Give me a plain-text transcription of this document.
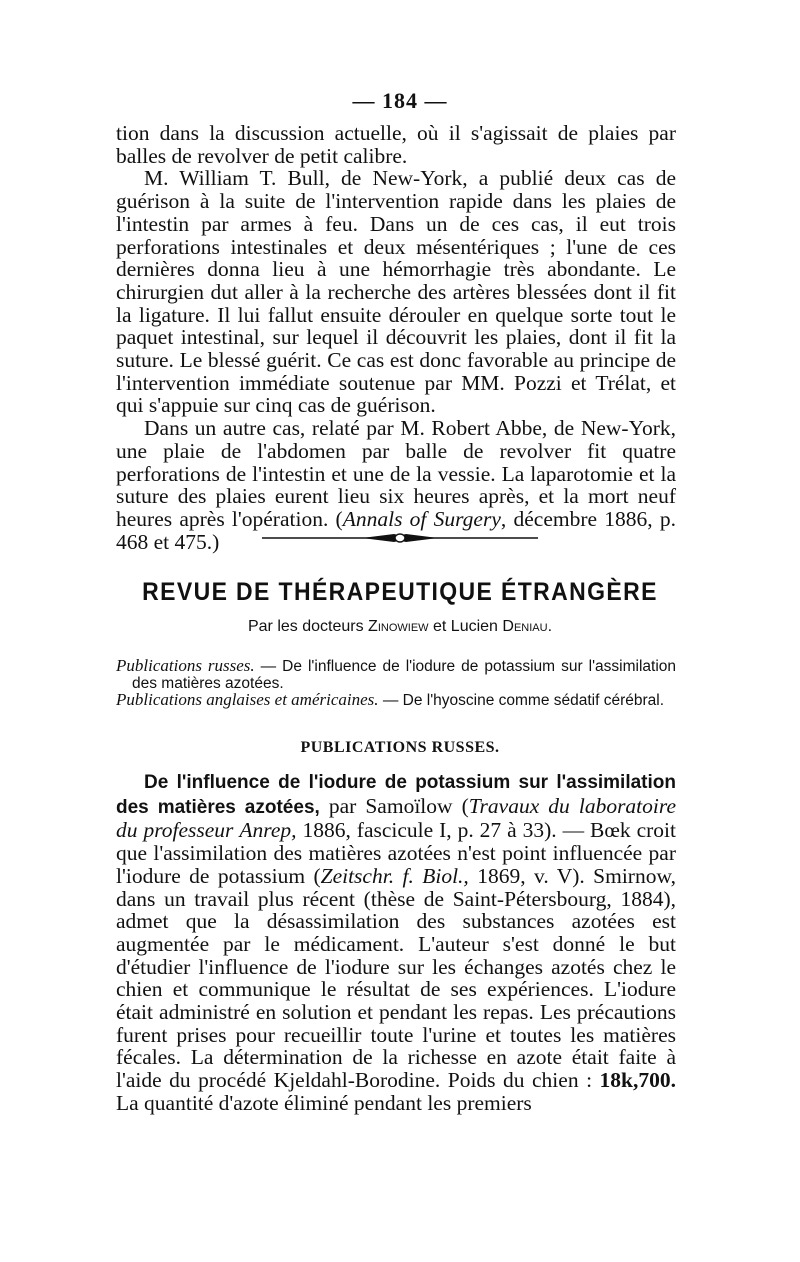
— 184 —

tion dans la discussion actuelle, où il s'agissait de plaies par balles de revolver de petit calibre.

M. William T. Bull, de New-York, a publié deux cas de guérison à la suite de l'intervention rapide dans les plaies de l'intestin par armes à feu. Dans un de ces cas, il eut trois perforations intestinales et deux mésentériques ; l'une de ces dernières donna lieu à une hémorrhagie très abondante. Le chirurgien dut aller à la recherche des artères blessées dont il fit la ligature. Il lui fallut ensuite dérouler en quelque sorte tout le paquet intestinal, sur lequel il découvrit les plaies, dont il fit la suture. Le blessé guérit. Ce cas est donc favorable au principe de l'intervention immédiate soutenue par MM. Pozzi et Trélat, et qui s'appuie sur cinq cas de guérison.

Dans un autre cas, relaté par M. Robert Abbe, de New-York, une plaie de l'abdomen par balle de revolver fit quatre perforations de l'intestin et une de la vessie. La laparotomie et la suture des plaies eurent lieu six heures après, et la mort neuf heures après l'opération. (Annals of Surgery, décembre 1886, p. 468 et 475.)

REVUE DE THÉRAPEUTIQUE ÉTRANGÈRE
Par les docteurs Zinowiew et Lucien Deniau.

Publications russes. — De l'influence de l'iodure de potassium sur l'assimilation des matières azotées.

Publications anglaises et américaines. — De l'hyoscine comme sédatif cérébral.

PUBLICATIONS RUSSES.

De l'influence de l'iodure de potassium sur l'assimilation des matières azotées, par Samoïlow (Travaux du laboratoire du professeur Anrep, 1886, fascicule I, p. 27 à 33). — Bœk croit que l'assimilation des matières azotées n'est point influencée par l'iodure de potassium (Zeitschr. f. Biol., 1869, v. V). Smirnow, dans un travail plus récent (thèse de Saint-Pétersbourg, 1884), admet que la désassimilation des substances azotées est augmentée par le médicament. L'auteur s'est donné le but d'étudier l'influence de l'iodure sur les échanges azotés chez le chien et communique le résultat de ses expériences. L'iodure était administré en solution et pendant les repas. Les précautions furent prises pour recueillir toute l'urine et toutes les matières fécales. La détermination de la richesse en azote était faite à l'aide du procédé Kjeldahl-Borodine. Poids du chien : 18k,700. La quantité d'azote éliminé pendant les premiers
